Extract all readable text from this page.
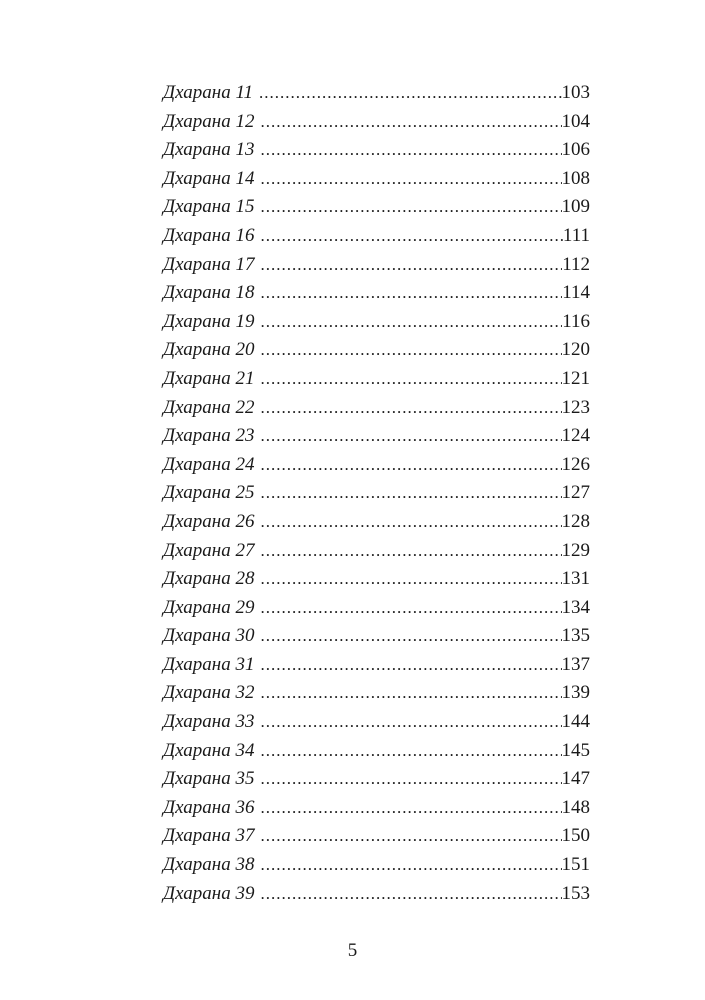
Дхарана 11 .....	103
Дхарана 12 .....	104
Дхарана 13 .....	106
Дхарана 14 .....	108
Дхарана 15 .....	109
Дхарана 16 .....	111
Дхарана 17 .....	112
Дхарана 18 .....	114
Дхарана 19 .....	116
Дхарана 20 .....	120
Дхарана 21 .....	121
Дхарана 22 .....	123
Дхарана 23 .....	124
Дхарана 24 .....	126
Дхарана 25 .....	127
Дхарана 26 .....	128
Дхарана 27 .....	129
Дхарана 28 .....	131
Дхарана 29 .....	134
Дхарана 30 .....	135
Дхарана 31 .....	137
Дхарана 32 .....	139
Дхарана 33 .....	144
Дхарана 34 .....	145
Дхарана 35 .....	147
Дхарана 36 .....	148
Дхарана 37 .....	150
Дхарана 38 .....	151
Дхарана 39 .....	153
5
